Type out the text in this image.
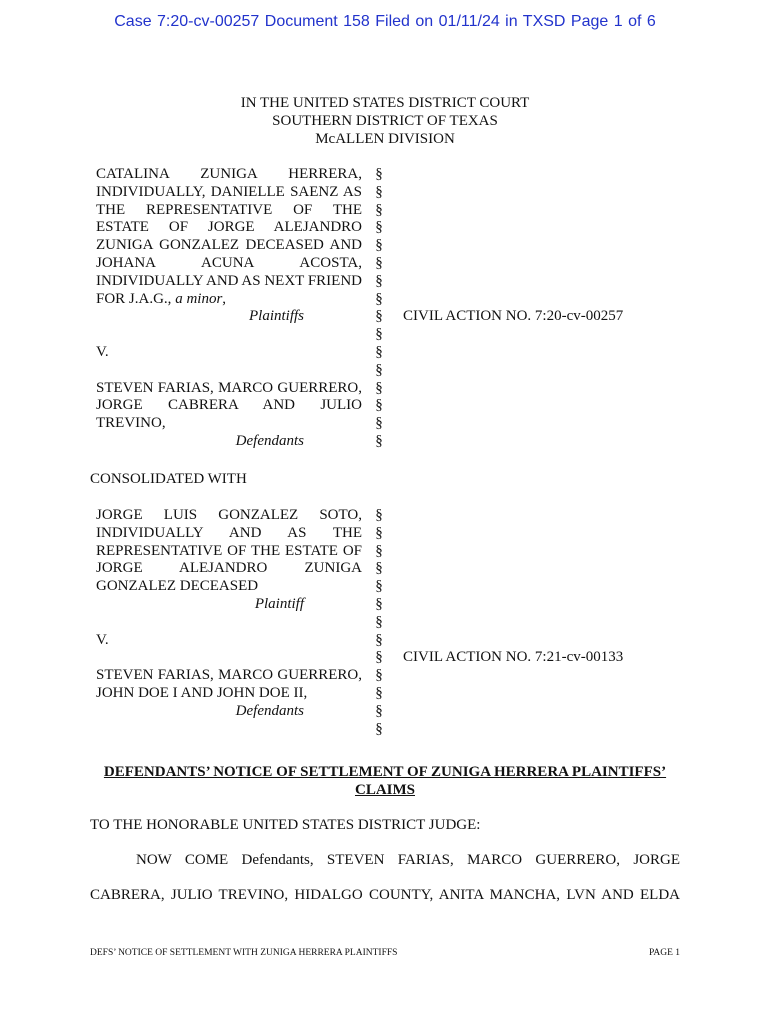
Case 7:20-cv-00257 Document 158 Filed on 01/11/24 in TXSD Page 1 of 6
IN THE UNITED STATES DISTRICT COURT
SOUTHERN DISTRICT OF TEXAS
McALLEN DIVISION

CATALINA ZUNIGA HERRERA, INDIVIDUALLY, DANIELLE SAENZ AS THE REPRESENTATIVE OF THE ESTATE OF JORGE ALEJANDRO ZUNIGA GONZALEZ DECEASED AND JOHANA ACUNA ACOSTA, INDIVIDUALLY AND AS NEXT FRIEND FOR J.A.G., a minor,

Plaintiffs

V.

STEVEN FARIAS, MARCO GUERRERO, JORGE CABRERA AND JULIO TREVINO,

Defendants

§
§
§
§
§
§
§
§
§
§
§
§
§
§
§
§
CIVIL ACTION NO. 7:20-cv-00257
CONSOLIDATED WITH

JORGE LUIS GONZALEZ SOTO, INDIVIDUALLY AND AS THE REPRESENTATIVE OF THE ESTATE OF JORGE ALEJANDRO ZUNIGA GONZALEZ DECEASED

Plaintiff

V.

STEVEN FARIAS, MARCO GUERRERO, JOHN DOE I AND JOHN DOE II,

Defendants

§
§
§
§
§
§
§
§
§
§
§
§
§
CIVIL ACTION NO. 7:21-cv-00133
DEFENDANTS’ NOTICE OF SETTLEMENT OF ZUNIGA HERRERA PLAINTIFFS’ CLAIMS
TO THE HONORABLE UNITED STATES DISTRICT JUDGE:
NOW COME Defendants, STEVEN FARIAS, MARCO GUERRERO, JORGE
CABRERA, JULIO TREVINO, HIDALGO COUNTY, ANITA MANCHA, LVN AND ELDA
DEFS’ NOTICE OF SETTLEMENT WITH ZUNIGA HERRERA PLAINTIFFS	PAGE 1
